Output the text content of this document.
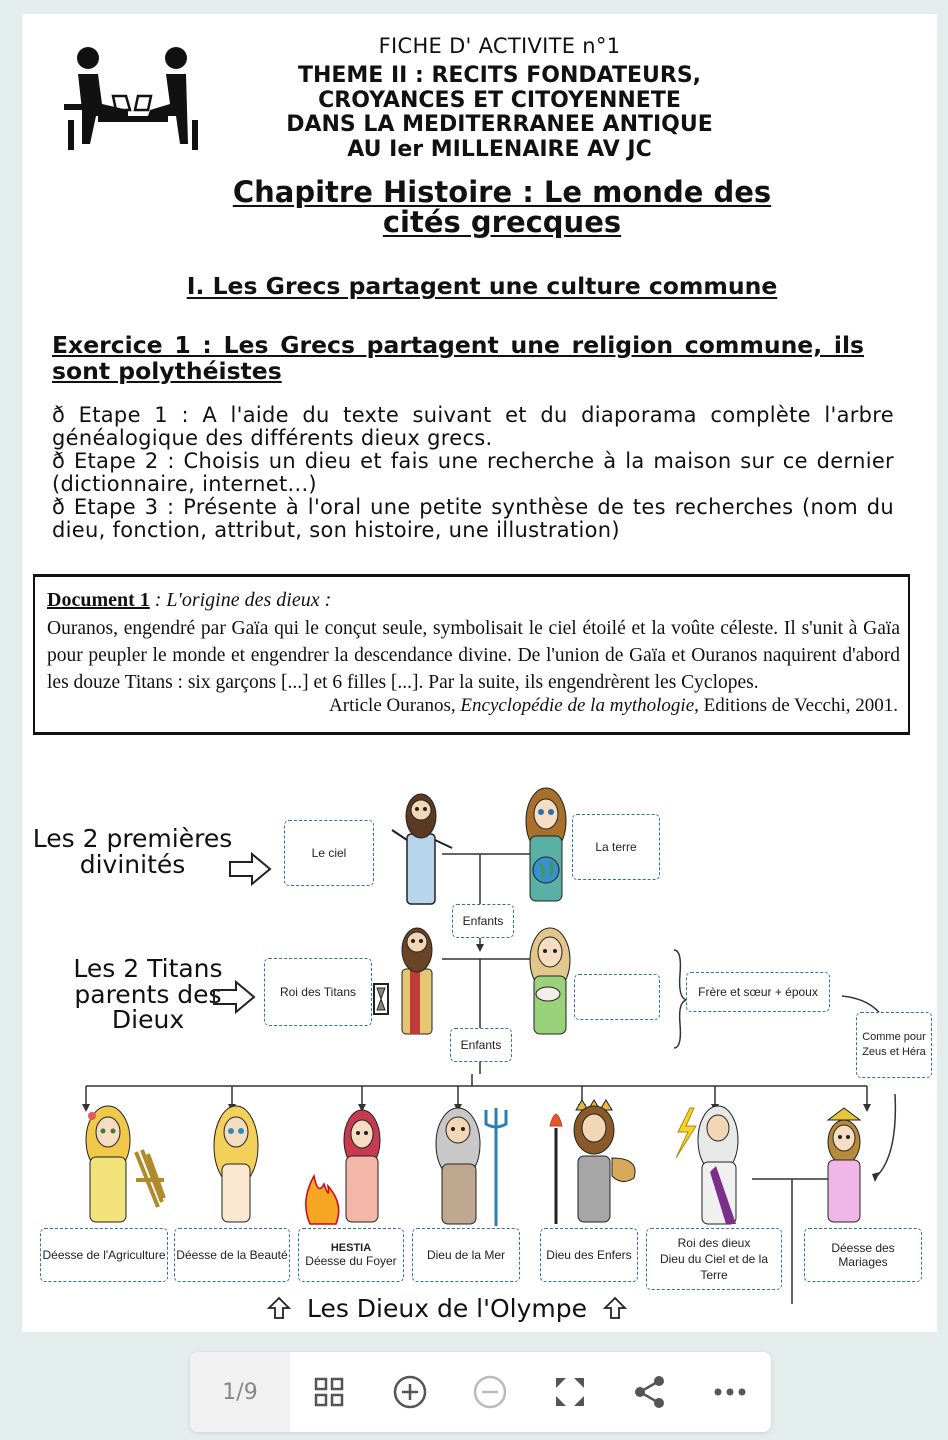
FICHE D' ACTIVITE n°1
THEME II : RECITS FONDATEURS,
CROYANCES ET CITOYENNETE
DANS LA MEDITERRANEE ANTIQUE
AU Ier MILLENAIRE AV JC
Chapitre Histoire : Le monde des
cités grecques
I. Les Grecs partagent une culture commune
Exercice 1 : Les Grecs partagent une religion commune, ils sont polythéistes

ð Etape 1 : A l'aide du texte suivant et du diaporama complète l'arbre généalogique des différents dieux grecs.

ð Etape 2 : Choisis un dieu et fais une recherche à la maison sur ce dernier (dictionnaire, internet...)

ð Etape 3 : Présente à l'oral une petite synthèse de tes recherches (nom du dieu, fonction, attribut, son histoire, une illustration)

Document 1 : L'origine des dieux :
Ouranos, engendré par Gaïa qui le conçut seule, symbolisait le ciel étoilé et la voûte céleste. Il s'unit à Gaïa pour peupler le monde et engendrer la descendance divine. De l'union de Gaïa et Ouranos naquirent d'abord les douze Titans : six garçons [...] et 6 filles [...]. Par la suite, ils engendrèrent les Cyclopes.
Article Ouranos, Encyclopédie de la mythologie, Editions de Vecchi, 2001.
Les 2 premières divinités	Le ciel	La terre
Enfants
Les 2 Titans parents des Dieux
Roi des Titans	Frère et sœur + époux
Comme pour Zeus et Héra
Enfants
Déesse de l'Agriculture Déesse de la Beauté	HESTIA
Déesse du Foyer	Dieu de la Mer	Dieu des Enfers
Roi des dieux
Dieu du Ciel et de la Terre
Déesse des Mariages
Les Dieux de l'Olympe
1/9
